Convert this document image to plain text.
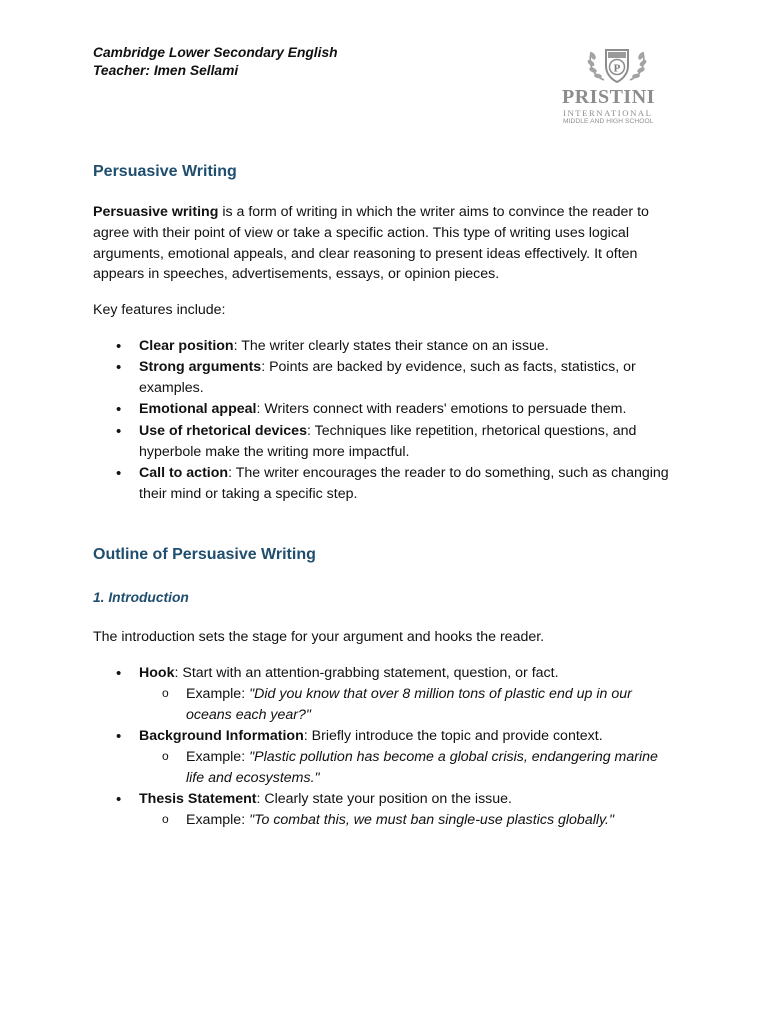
Cambridge Lower Secondary English
Teacher: Imen Sellami	P
PRISTINI
INTERNATIONAL
MIDDLE AND HIGH SCHOOL
Persuasive Writing
Persuasive writing is a form of writing in which the writer aims to convince the reader to agree with their point of view or take a specific action. This type of writing uses logical arguments, emotional appeals, and clear reasoning to present ideas effectively. It often appears in speeches, advertisements, essays, or opinion pieces.
Key features include:
• Clear position: The writer clearly states their stance on an issue.
• Strong arguments: Points are backed by evidence, such as facts, statistics, or examples.
• Emotional appeal: Writers connect with readers' emotions to persuade them.
• Use of rhetorical devices: Techniques like repetition, rhetorical questions, and hyperbole make the writing more impactful.
• Call to action: The writer encourages the reader to do something, such as changing their mind or taking a specific step.
Outline of Persuasive Writing
1. Introduction
The introduction sets the stage for your argument and hooks the reader.
• Hook: Start with an attention-grabbing statement, question, or fact.
o Example: "Did you know that over 8 million tons of plastic end up in our oceans each year?"
• Background Information: Briefly introduce the topic and provide context.
o Example: "Plastic pollution has become a global crisis, endangering marine life and ecosystems."
• Thesis Statement: Clearly state your position on the issue.
o Example: "To combat this, we must ban single-use plastics globally."
